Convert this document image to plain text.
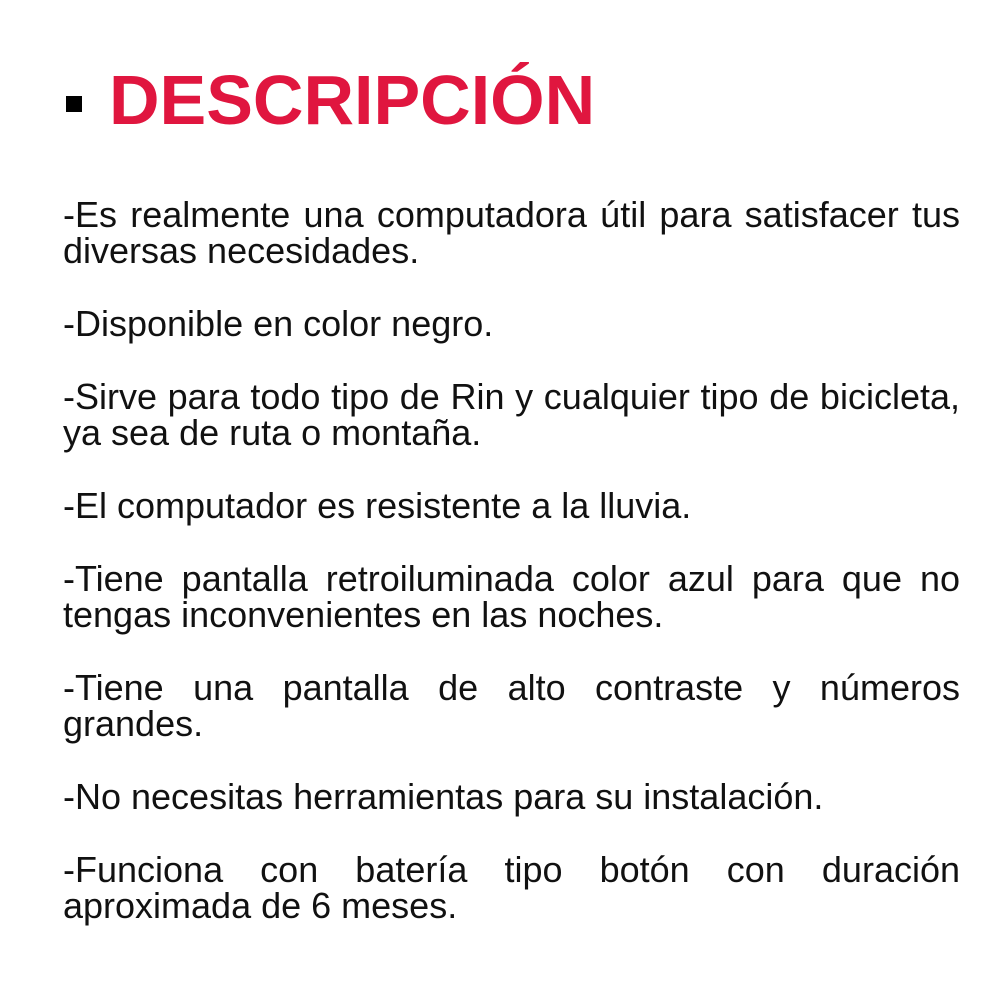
DESCRIPCIÓN
-Es realmente una computadora útil para satisfacer tus diversas necesidades.
-Disponible en color negro.
-Sirve para todo tipo de Rin y cualquier tipo de bicicleta, ya sea de ruta o montaña.
-El computador es resistente a la lluvia.
-Tiene pantalla retroiluminada color azul para que no tengas inconvenientes en las noches.
-Tiene una pantalla de alto contraste y números grandes.
-No necesitas herramientas para su instalación.
-Funciona con batería tipo botón con duración aproximada de 6 meses.
